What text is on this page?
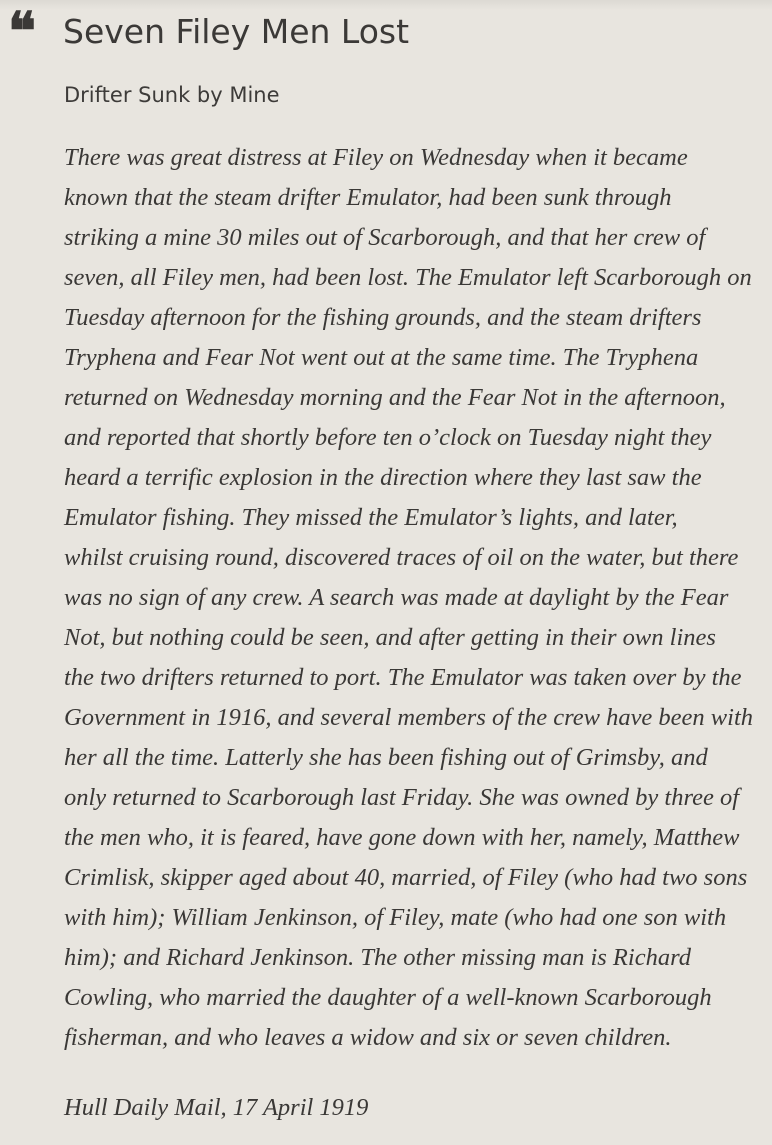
❝ Seven Filey Men Lost
Drifter Sunk by Mine
There was great distress at Filey on Wednesday when it became
known that the steam drifter Emulator, had been sunk through
striking a mine 30 miles out of Scarborough, and that her crew of
seven, all Filey men, had been lost. The Emulator left Scarborough on
Tuesday afternoon for the fishing grounds, and the steam drifters
Tryphena and Fear Not went out at the same time. The Tryphena
returned on Wednesday morning and the Fear Not in the afternoon,
and reported that shortly before ten o’clock on Tuesday night they
heard a terrific explosion in the direction where they last saw the
Emulator fishing. They missed the Emulator’s lights, and later,
whilst cruising round, discovered traces of oil on the water, but there
was no sign of any crew. A search was made at daylight by the Fear
Not, but nothing could be seen, and after getting in their own lines
the two drifters returned to port. The Emulator was taken over by the
Government in 1916, and several members of the crew have been with
her all the time. Latterly she has been fishing out of Grimsby, and
only returned to Scarborough last Friday. She was owned by three of
the men who, it is feared, have gone down with her, namely, Matthew
Crimlisk, skipper aged about 40, married, of Filey (who had two sons
with him); William Jenkinson, of Filey, mate (who had one son with
him); and Richard Jenkinson. The other missing man is Richard
Cowling, who married the daughter of a well-known Scarborough
fisherman, and who leaves a widow and six or seven children.
Hull Daily Mail, 17 April 1919
